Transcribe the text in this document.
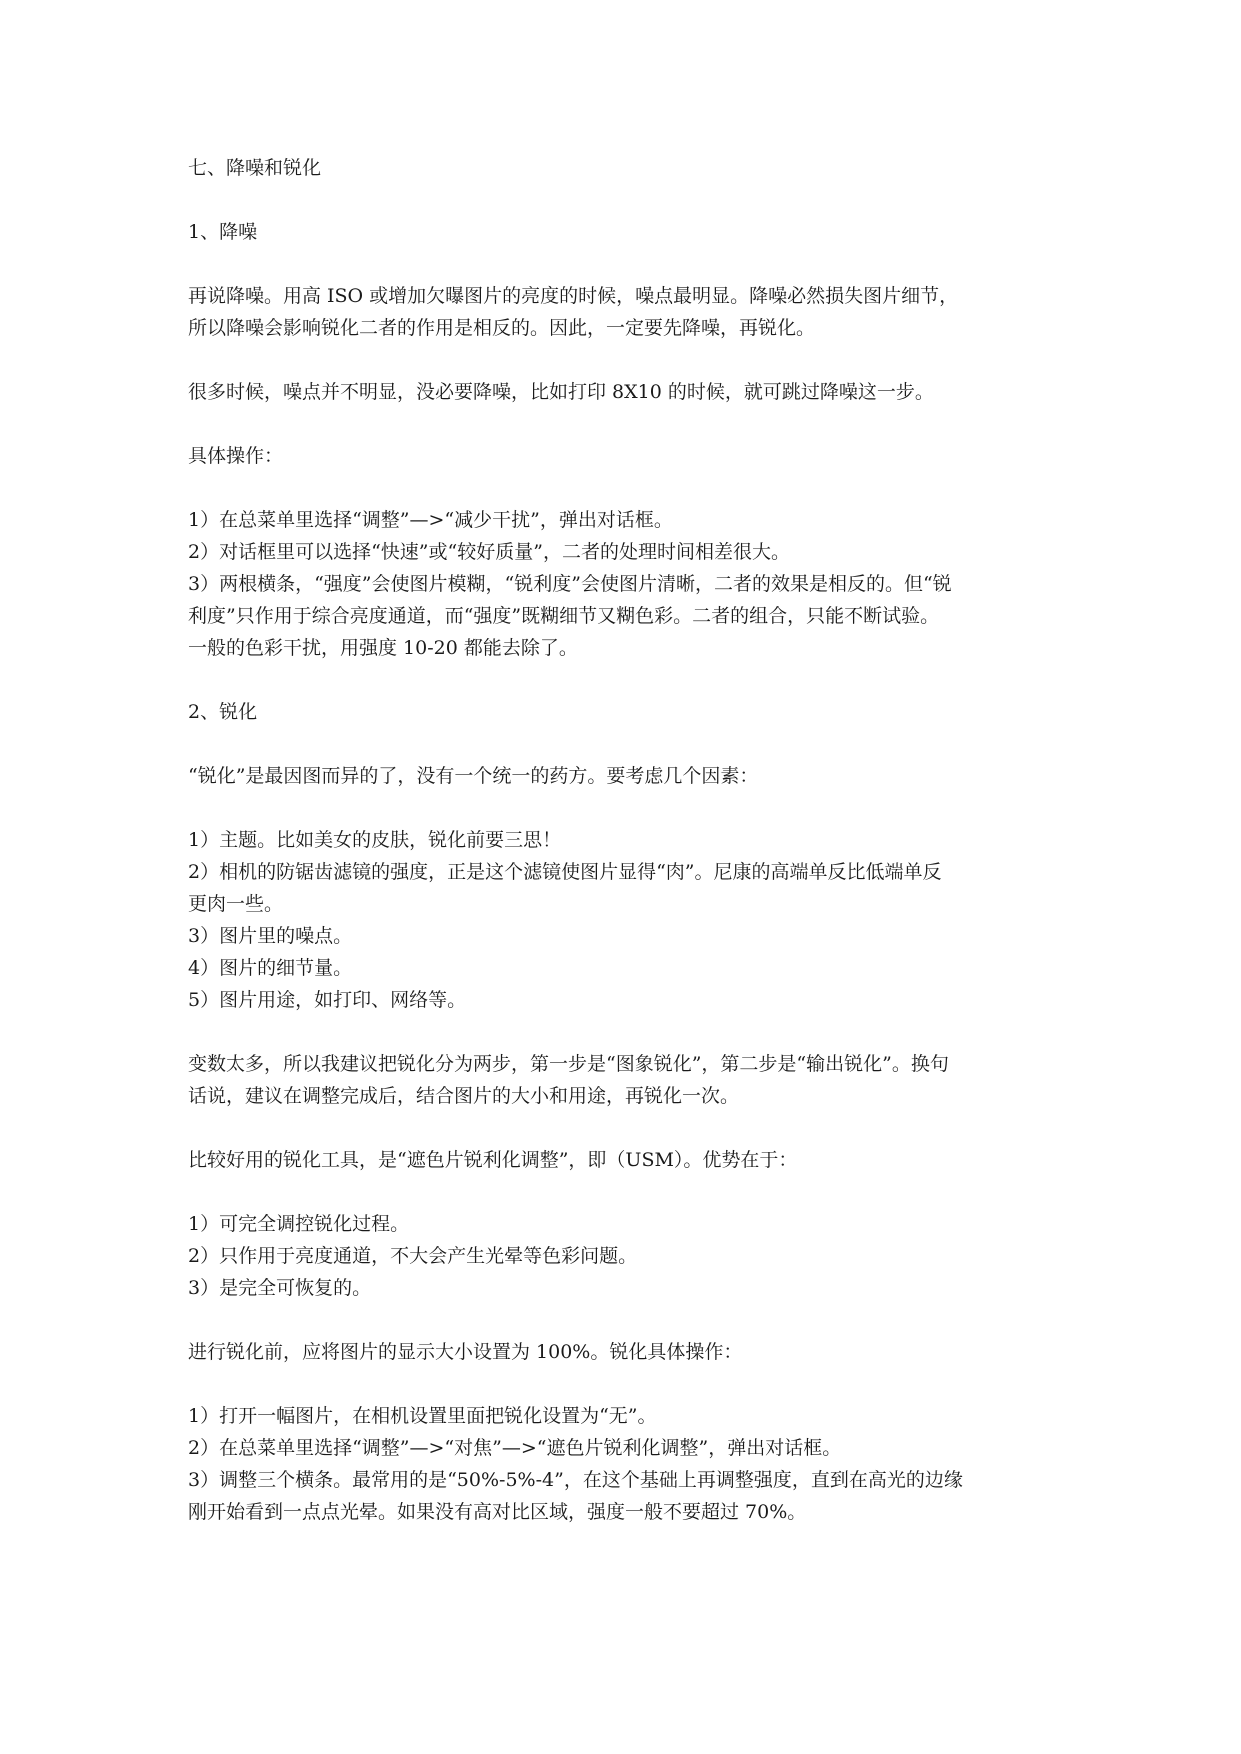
七、降噪和锐化
1、降噪
再说降噪。用高 ISO 或增加欠曝图片的亮度的时候，噪点最明显。降噪必然损失图片细节，
所以降噪会影响锐化二者的作用是相反的。因此，一定要先降噪，再锐化。
很多时候，噪点并不明显，没必要降噪，比如打印 8X10 的时候，就可跳过降噪这一步。
具体操作：
1）在总菜单里选择“调整”—>“减少干扰”，弹出对话框。
2）对话框里可以选择“快速”或“较好质量”，二者的处理时间相差很大。
3）两根横条，“强度”会使图片模糊，“锐利度”会使图片清晰，二者的效果是相反的。但“锐
利度”只作用于综合亮度通道，而“强度”既糊细节又糊色彩。二者的组合，只能不断试验。
一般的色彩干扰，用强度 10-20 都能去除了。
2、锐化
“锐化”是最因图而异的了，没有一个统一的药方。要考虑几个因素：
1）主题。比如美女的皮肤，锐化前要三思！
2）相机的防锯齿滤镜的强度，正是这个滤镜使图片显得“肉”。尼康的高端单反比低端单反
更肉一些。
3）图片里的噪点。
4）图片的细节量。
5）图片用途，如打印、网络等。
变数太多，所以我建议把锐化分为两步，第一步是“图象锐化”，第二步是“输出锐化”。换句
话说，建议在调整完成后，结合图片的大小和用途，再锐化一次。
比较好用的锐化工具，是“遮色片锐利化调整”，即（USM）。优势在于：
1）可完全调控锐化过程。
2）只作用于亮度通道，不大会产生光晕等色彩问题。
3）是完全可恢复的。
进行锐化前，应将图片的显示大小设置为 100%。锐化具体操作：
1）打开一幅图片，在相机设置里面把锐化设置为“无”。
2）在总菜单里选择“调整”—>“对焦”—>“遮色片锐利化调整”，弹出对话框。
3）调整三个横条。最常用的是“50%-5%-4”，在这个基础上再调整强度，直到在高光的边缘
刚开始看到一点点光晕。如果没有高对比区域，强度一般不要超过 70%。
